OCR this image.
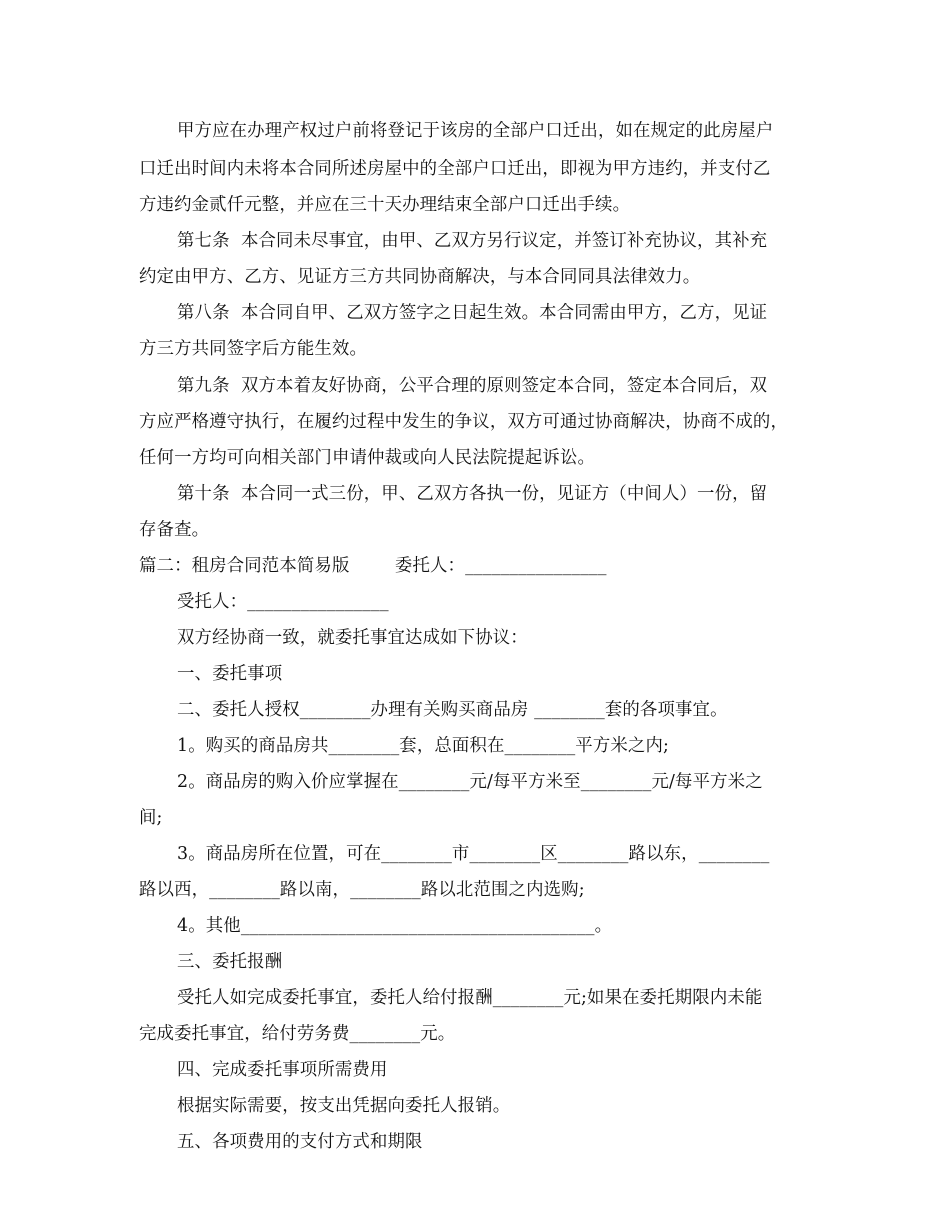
甲方应在办理产权过户前将登记于该房的全部户口迁出，如在规定的此房屋户
口迁出时间内未将本合同所述房屋中的全部户口迁出，即视为甲方违约，并支付乙
方违约金贰仟元整，并应在三十天办理结束全部户口迁出手续。
第七条  本合同未尽事宜，由甲、乙双方另行议定，并签订补充协议，其补充
约定由甲方、乙方、见证方三方共同协商解决，与本合同同具法律效力。
第八条  本合同自甲、乙双方签字之日起生效。本合同需由甲方，乙方，见证
方三方共同签字后方能生效。
第九条  双方本着友好协商，公平合理的原则签定本合同，签定本合同后，双
方应严格遵守执行，在履约过程中发生的争议，双方可通过协商解决，协商不成的，
任何一方均可向相关部门申请仲裁或向人民法院提起诉讼。
第十条  本合同一式三份，甲、乙双方各执一份，见证方（中间人）一份，留
存备查。
篇二：租房合同范本简易版        委托人：________________
受托人：________________
双方经协商一致，就委托事宜达成如下协议：
一、委托事项
二、委托人授权________办理有关购买商品房 ________套的各项事宜。
1。购买的商品房共________套，总面积在________平方米之内;
2。商品房的购入价应掌握在________元/每平方米至________元/每平方米之
间;
3。商品房所在位置，可在________市________区________路以东，________
路以西，________路以南，________路以北范围之内选购;
4。其他________________________________________。
三、委托报酬
受托人如完成委托事宜，委托人给付报酬________元;如果在委托期限内未能
完成委托事宜，给付劳务费________元。
四、完成委托事项所需费用
根据实际需要，按支出凭据向委托人报销。
五、各项费用的支付方式和期限
